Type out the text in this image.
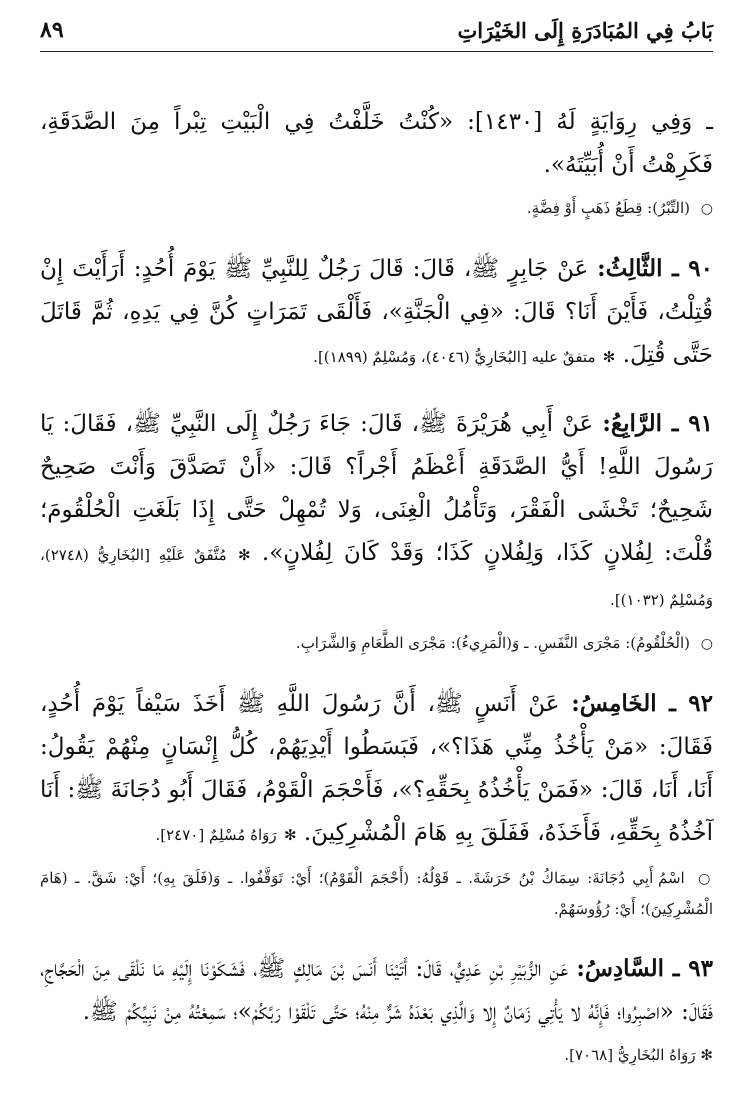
بَابُ فِي المُبَادَرَةِ إِلَى الخَيْرَاتِ
٨٩

ـ وَفِي رِوَايَةٍ لَهُ [١٤٣٠]: «كُنْتُ خَلَّفْتُ فِي الْبَيْتِ تِبْراً مِنَ الصَّدَقَةِ، فَكَرِهْتُ أَنْ أُبَيِّتَهُ».

○ (التِّبْرُ): قِطَعُ ذَهَبٍ أَوْ فِضَّةٍ.

٩٠ ـ الثَّالِثُ: عَنْ جَابِرٍ ﷺ، قَالَ: قَالَ رَجُلٌ لِلنَّبِيِّ ﷺ يَوْمَ أُحُدٍ: أَرَأَيْتَ إِنْ قُتِلْتُ، فَأَيْنَ أَنَا؟ قَالَ: «فِي الْجَنَّةِ»، فَأَلْقَى تَمَرَاتٍ كُنَّ فِي يَدِهِ، ثُمَّ قَاتَلَ حَتَّى قُتِلَ. ✻ متفقٌ عليه [البُخَارِيُّ (٤٠٤٦)، وَمُسْلِمٌ (١٨٩٩)].

٩١ ـ الرَّابِعُ: عَنْ أَبِي هُرَيْرَةَ ﷺ، قَالَ: جَاءَ رَجُلٌ إِلَى النَّبِيِّ ﷺ، فَقَالَ: يَا رَسُولَ اللَّهِ! أَيُّ الصَّدَقَةِ أَعْظَمُ أَجْراً؟ قَالَ: «أَنْ تَصَدَّقَ وَأَنْتَ صَحِيحٌ شَحِيحٌ؛ تَخْشَى الْفَقْرَ، وَتَأْمُلُ الْغِنَى، وَلا تُمْهِلْ حَتَّى إِذَا بَلَغَتِ الْحُلْقُومَ؛ قُلْتَ: لِفُلانٍ كَذَا، وَلِفُلانٍ كَذَا؛ وَقَدْ كَانَ لِفُلانٍ». ✻ مُتَّفَقٌ عَلَيْهِ [البُخَارِيُّ (٢٧٤٨)، وَمُسْلِمٌ (١٠٣٢)].

○ (الْحُلْقُومُ): مَجْرَى النَّفَسِ. ـ وَ(الْمَرِيءُ): مَجْرَى الطَّعَامِ وَالشَّرَابِ.

٩٢ ـ الخَامِسُ: عَنْ أَنَسٍ ﷺ، أَنَّ رَسُولَ اللَّهِ ﷺ أَخَذَ سَيْفاً يَوْمَ أُحُدٍ، فَقَالَ: «مَنْ يَأْخُذُ مِنِّي هَذَا؟»، فَبَسَطُوا أَيْدِيَهُمْ، كُلُّ إِنْسَانٍ مِنْهُمْ يَقُولُ: أَنَا، أَنَا، قَالَ: «فَمَنْ يَأْخُذُهُ بِحَقِّهِ؟»، فَأَحْجَمَ الْقَوْمُ، فَقَالَ أَبُو دُجَانَةَ ﷺ: أَنَا آخُذُهُ بِحَقِّهِ، فَأَخَذَهُ، فَفَلَقَ بِهِ هَامَ الْمُشْرِكِينَ. ✻ رَوَاهُ مُسْلِمٌ [٢٤٧٠].

○ اسْمُ أَبِي دُجَانَةَ: سِمَاكُ بْنُ خَرَشَةَ. ـ قَوْلُهُ: (أَحْجَمَ الْقَوْمُ)؛ أَيْ: تَوَقَّفُوا. ـ وَ(فَلَقَ بِهِ)؛ أَيْ: شَقَّ. ـ (هَامَ الْمُشْرِكِينَ)؛ أَيْ: رُؤُوسَهُمْ.

٩٣ ـ السَّادِسُ: عَنِ الزُّبَيْرِ بْنِ عَدِيٍّ، قَالَ: أَتَيْنَا أَنَسَ بْنَ مَالِكٍ ﷺ، فَشَكَوْنَا إِلَيْهِ مَا نَلْقَى مِنَ الْحَجَّاجِ، فَقَالَ: «اصْبِرُوا؛ فَإِنَّهُ لا يَأْتِي زَمَانٌ إِلا وَالَّذِي بَعْدَهُ شَرٌّ مِنْهُ؛ حَتَّى تَلْقَوْا رَبَّكُمْ»؛ سَمِعْتُهُ مِنْ نَبِيِّكُمْ ﷺ.

✻ رَوَاهُ البُخَارِيُّ [٧٠٦٨].
